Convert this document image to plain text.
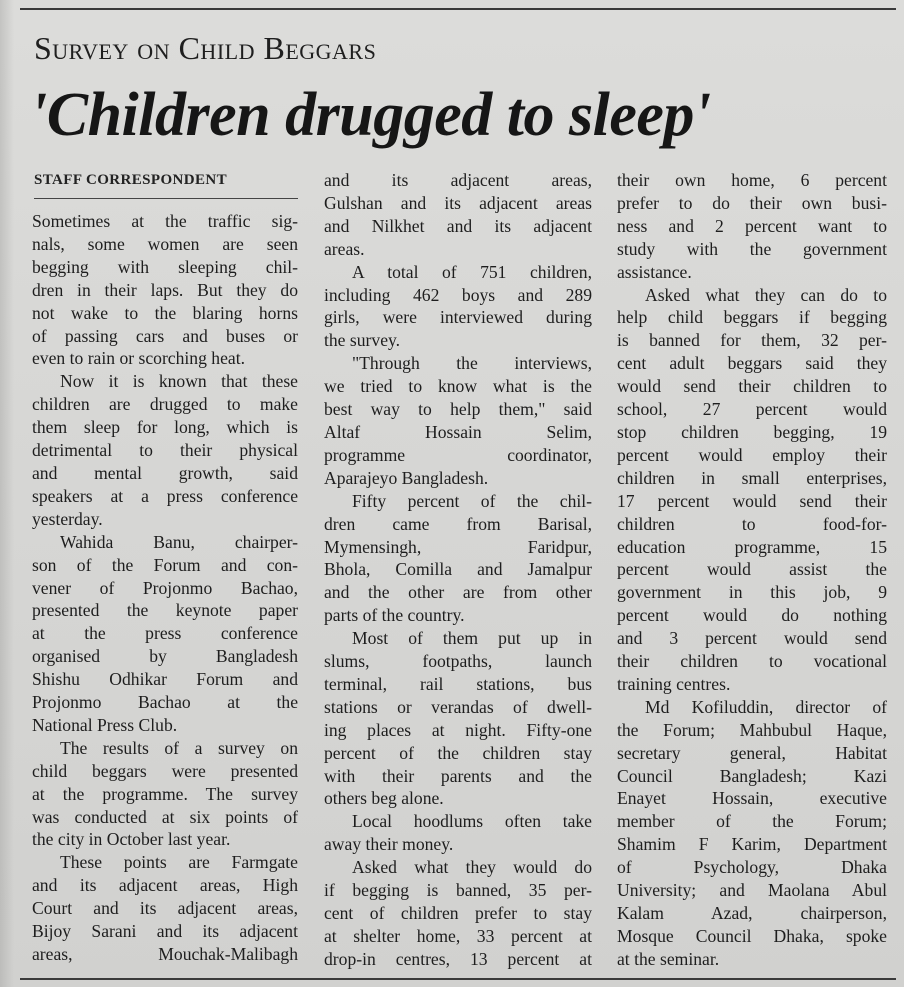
Survey on Child Beggars
'Children drugged to sleep'
STAFF CORRESPONDENT
Sometimes at the traffic sig-
nals, some women are seen
begging with sleeping chil-
dren in their laps. But they do
not wake to the blaring horns
of passing cars and buses or
even to rain or scorching heat.
Now it is known that these
children are drugged to make
them sleep for long, which is
detrimental to their physical
and mental growth, said
speakers at a press conference
yesterday.
Wahida Banu, chairper-
son of the Forum and con-
vener of Projonmo Bachao,
presented the keynote paper
at the press conference
organised by Bangladesh
Shishu Odhikar Forum and
Projonmo Bachao at the
National Press Club.
The results of a survey on
child beggars were presented
at the programme. The survey
was conducted at six points of
the city in October last year.
These points are Farmgate
and its adjacent areas, High
Court and its adjacent areas,
Bijoy Sarani and its adjacent
areas, Mouchak-Malibagh
and its adjacent areas,
Gulshan and its adjacent areas
and Nilkhet and its adjacent
areas.
A total of 751 children,
including 462 boys and 289
girls, were interviewed during
the survey.
"Through the interviews,
we tried to know what is the
best way to help them," said
Altaf Hossain Selim,
programme coordinator,
Aparajeyo Bangladesh.
Fifty percent of the chil-
dren came from Barisal,
Mymensingh, Faridpur,
Bhola, Comilla and Jamalpur
and the other are from other
parts of the country.
Most of them put up in
slums, footpaths, launch
terminal, rail stations, bus
stations or verandas of dwell-
ing places at night. Fifty-one
percent of the children stay
with their parents and the
others beg alone.
Local hoodlums often take
away their money.
Asked what they would do
if begging is banned, 35 per-
cent of children prefer to stay
at shelter home, 33 percent at
drop-in centres, 13 percent at
their own home, 6 percent
prefer to do their own busi-
ness and 2 percent want to
study with the government
assistance.
Asked what they can do to
help child beggars if begging
is banned for them, 32 per-
cent adult beggars said they
would send their children to
school, 27 percent would
stop children begging, 19
percent would employ their
children in small enterprises,
17 percent would send their
children to food-for-
education programme, 15
percent would assist the
government in this job, 9
percent would do nothing
and 3 percent would send
their children to vocational
training centres.
Md Kofiluddin, director of
the Forum; Mahbubul Haque,
secretary general, Habitat
Council Bangladesh; Kazi
Enayet Hossain, executive
member of the Forum;
Shamim F Karim, Department
of Psychology, Dhaka
University; and Maolana Abul
Kalam Azad, chairperson,
Mosque Council Dhaka, spoke
at the seminar.
